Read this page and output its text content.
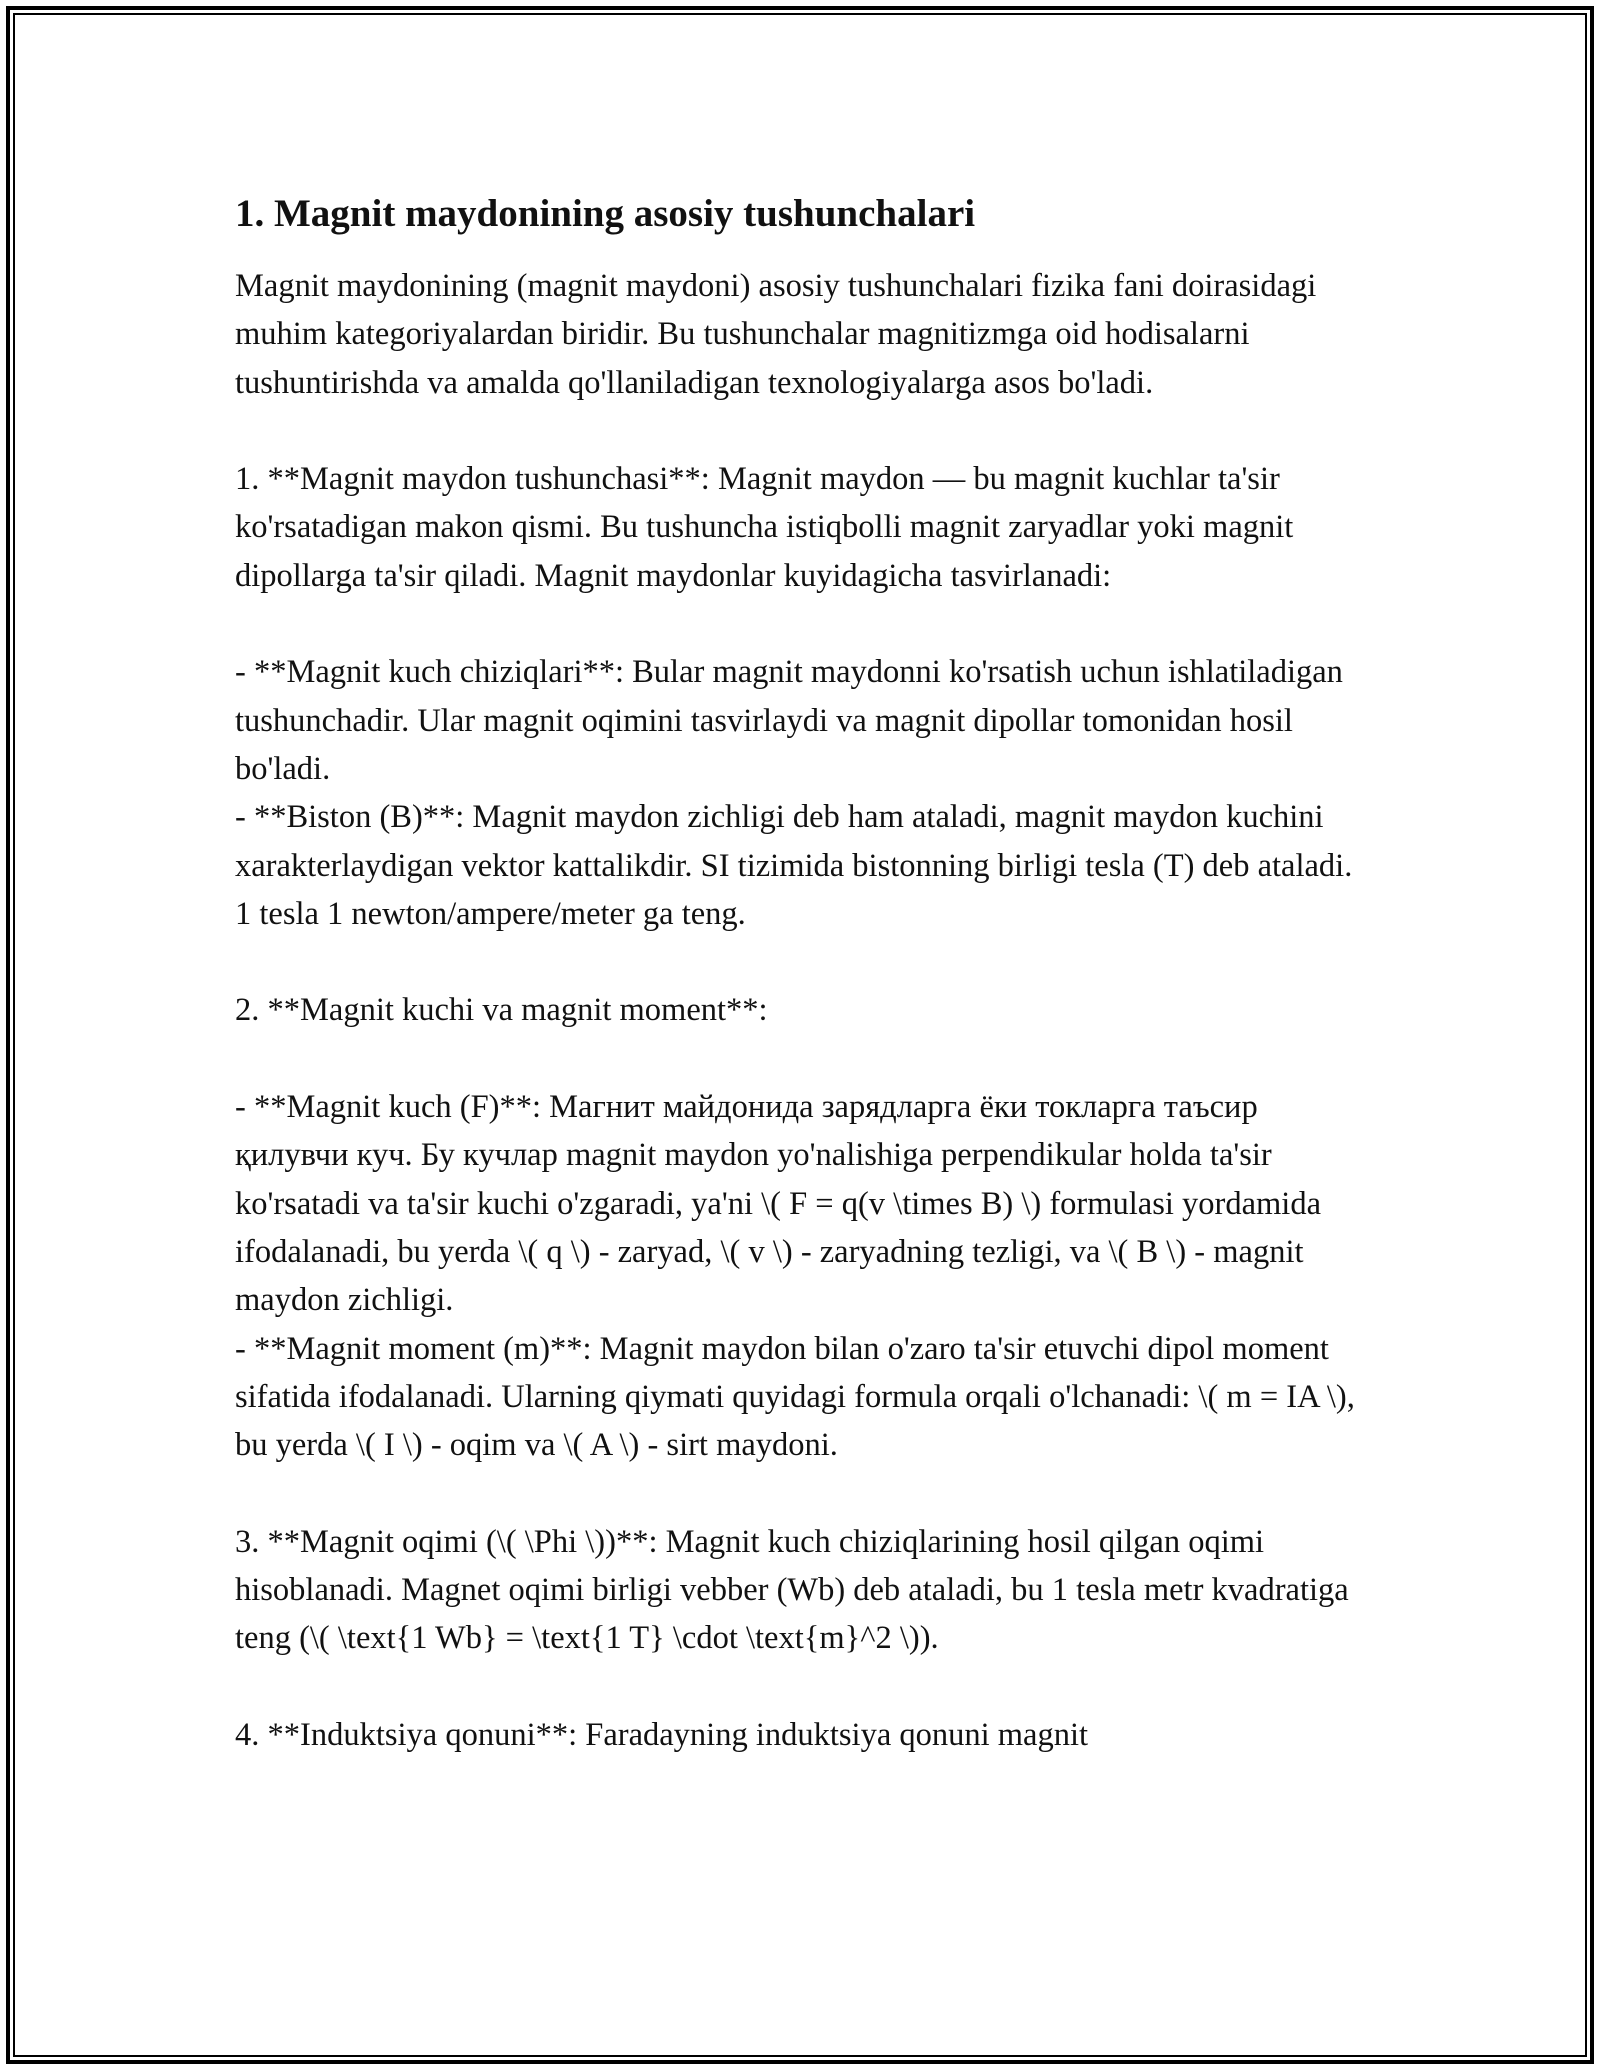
1. Magnit maydonining asosiy tushunchalari

Magnit maydonining (magnit maydoni) asosiy tushunchalari fizika fani doirasidagi muhim kategoriyalardan biridir. Bu tushunchalar magnitizmga oid hodisalarni tushuntirishda va amalda qo'llaniladigan texnologiyalarga asos bo'ladi.

1. **Magnit maydon tushunchasi**: Magnit maydon — bu magnit kuchlar ta'sir ko'rsatadigan makon qismi. Bu tushuncha istiqbolli magnit zaryadlar yoki magnit dipollarga ta'sir qiladi. Magnit maydonlar kuyidagicha tasvirlanadi:

- **Magnit kuch chiziqlari**: Bular magnit maydonni ko'rsatish uchun ishlatiladigan tushunchadir. Ular magnit oqimini tasvirlaydi va magnit dipollar tomonidan hosil bo'ladi.
- **Biston (B)**: Magnit maydon zichligi deb ham ataladi, magnit maydon kuchini xarakterlaydigan vektor kattalikdir. SI tizimida bistonning birligi tesla (T) deb ataladi. 1 tesla 1 newton/ampere/meter ga teng.

2. **Magnit kuchi va magnit moment**:

- **Magnit kuch (F)**: Магнит майдонида зарядларга ёки токларга таъсир қилувчи куч. Бу кучлар magnit maydon yo'nalishiga perpendikular holda ta'sir ko'rsatadi va ta'sir kuchi o'zgaradi, ya'ni \( F = q(v \times B) \) formulasi yordamida ifodalanadi, bu yerda \( q \) - zaryad, \( v \) - zaryadning tezligi, va \( B \) - magnit maydon zichligi.
- **Magnit moment (m)**: Magnit maydon bilan o'zaro ta'sir etuvchi dipol moment sifatida ifodalanadi. Ularning qiymati quyidagi formula orqali o'lchanadi: \( m = IA \), bu yerda \( I \) - oqim va \( A \) - sirt maydoni.

3. **Magnit oqimi (\( \Phi \))**: Magnit kuch chiziqlarining hosil qilgan oqimi hisoblanadi. Magnet oqimi birligi vebber (Wb) deb ataladi, bu 1 tesla metr kvadratiga teng (\( \text{1 Wb} = \text{1 T} \cdot \text{m}^2 \)).

4. **Induktsiya qonuni**: Faradayning induktsiya qonuni magnit
